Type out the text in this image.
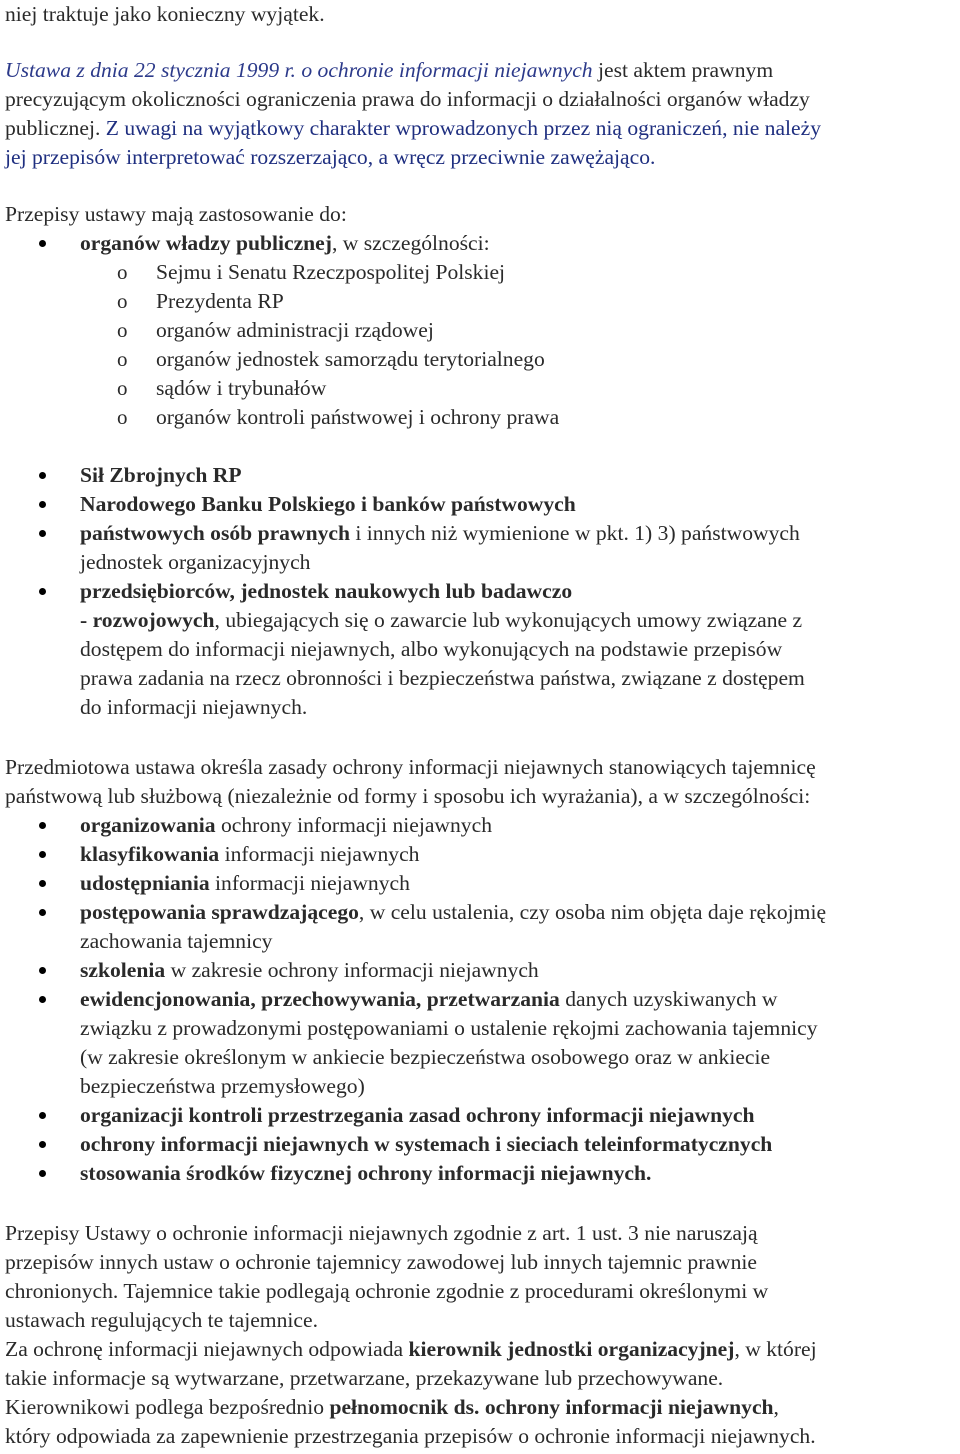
niej traktuje jako konieczny wyjątek.
Ustawa z dnia 22 stycznia 1999 r. o ochronie informacji niejawnych jest aktem prawnym
precyzującym okoliczności ograniczenia prawa do informacji o działalności organów władzy
publicznej. Z uwagi na wyjątkowy charakter wprowadzonych przez nią ograniczeń, nie należy
jej przepisów interpretować rozszerzająco, a wręcz przeciwnie zawężająco.
Przepisy ustawy mają zastosowanie do:
organów władzy publicznej, w szczególności:
o Sejmu i Senatu Rzeczpospolitej Polskiej
o Prezydenta RP
o organów administracji rządowej
o organów jednostek samorządu terytorialnego
o sądów i trybunałów
o organów kontroli państwowej i ochrony prawa
Sił Zbrojnych RP
Narodowego Banku Polskiego i banków państwowych
państwowych osób prawnych i innych niż wymienione w pkt. 1) 3) państwowych
jednostek organizacyjnych
przedsiębiorców, jednostek naukowych lub badawczo
- rozwojowych, ubiegających się o zawarcie lub wykonujących umowy związane z
dostępem do informacji niejawnych, albo wykonujących na podstawie przepisów
prawa zadania na rzecz obronności i bezpieczeństwa państwa, związane z dostępem
do informacji niejawnych.
Przedmiotowa ustawa określa zasady ochrony informacji niejawnych stanowiących tajemnicę
państwową lub służbową (niezależnie od formy i sposobu ich wyrażania), a w szczególności:
organizowania ochrony informacji niejawnych
klasyfikowania informacji niejawnych
udostępniania informacji niejawnych
postępowania sprawdzającego, w celu ustalenia, czy osoba nim objęta daje rękojmię
zachowania tajemnicy
szkolenia w zakresie ochrony informacji niejawnych
ewidencjonowania, przechowywania, przetwarzania danych uzyskiwanych w
związku z prowadzonymi postępowaniami o ustalenie rękojmi zachowania tajemnicy
(w zakresie określonym w ankiecie bezpieczeństwa osobowego oraz w ankiecie
bezpieczeństwa przemysłowego)
organizacji kontroli przestrzegania zasad ochrony informacji niejawnych
ochrony informacji niejawnych w systemach i sieciach teleinformatycznych
stosowania środków fizycznej ochrony informacji niejawnych.
Przepisy Ustawy o ochronie informacji niejawnych zgodnie z art. 1 ust. 3 nie naruszają
przepisów innych ustaw o ochronie tajemnicy zawodowej lub innych tajemnic prawnie
chronionych. Tajemnice takie podlegają ochronie zgodnie z procedurami określonymi w
ustawach regulujących te tajemnice.
Za ochronę informacji niejawnych odpowiada kierownik jednostki organizacyjnej, w której
takie informacje są wytwarzane, przetwarzane, przekazywane lub przechowywane.
Kierownikowi podlega bezpośrednio pełnomocnik ds. ochrony informacji niejawnych,
który odpowiada za zapewnienie przestrzegania przepisów o ochronie informacji niejawnych.
